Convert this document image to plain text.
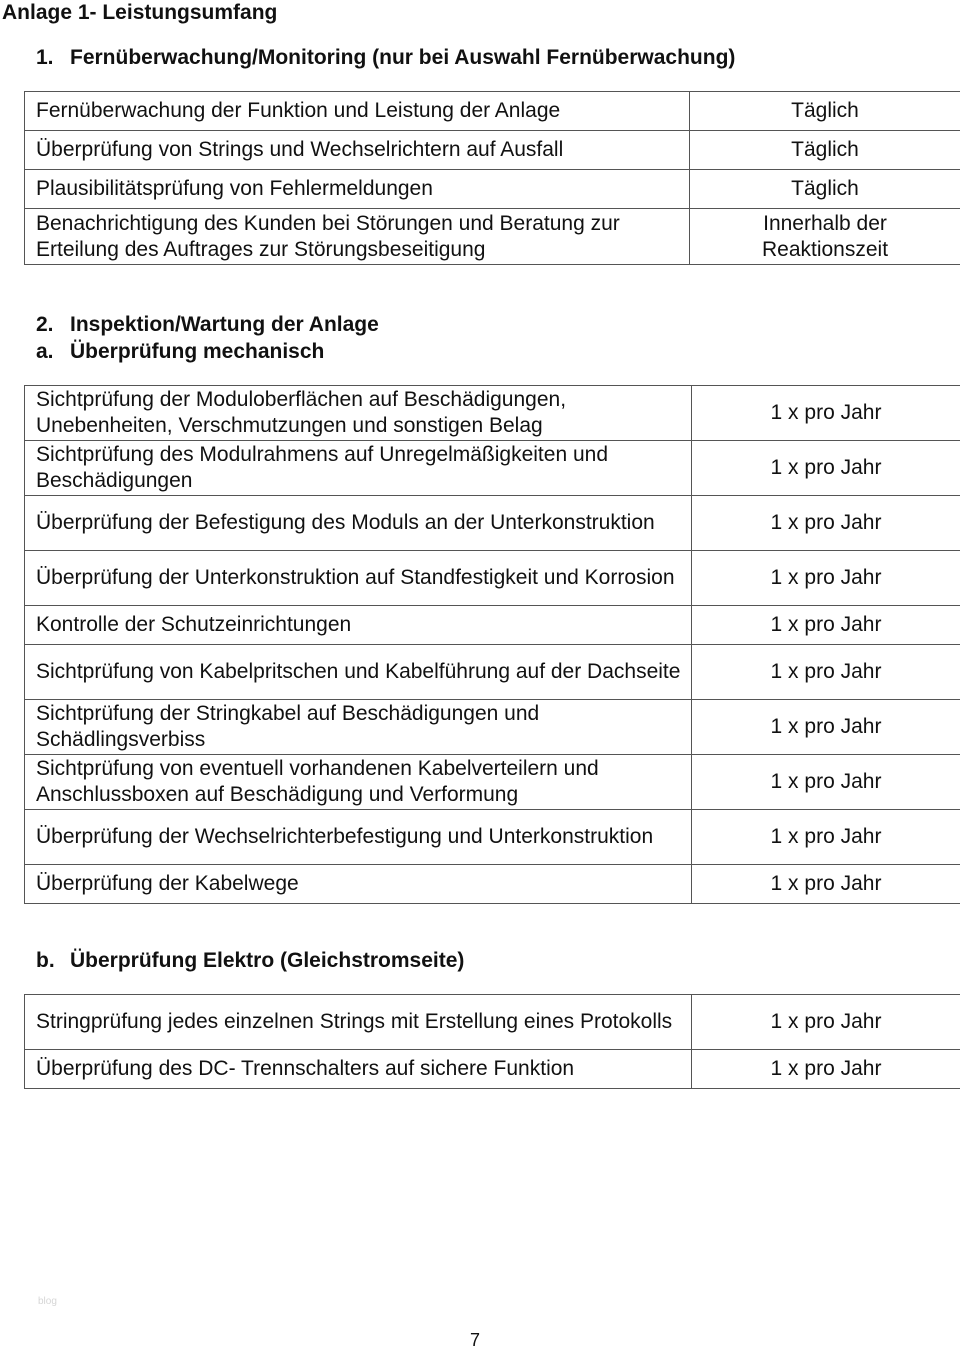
Anlage 1- Leistungsumfang
1. Fernüberwachung/Monitoring (nur bei Auswahl Fernüberwachung)
Fernüberwachung der Funktion und Leistung der Anlage	Täglich
Überprüfung von Strings und Wechselrichtern auf Ausfall	Täglich
Plausibilitätsprüfung von Fehlermeldungen	Täglich
Benachrichtigung des Kunden bei Störungen und Beratung zur Erteilung des Auftrages zur Störungsbeseitigung	Innerhalb der Reaktionszeit
2. Inspektion/Wartung der Anlage
a. Überprüfung mechanisch
Sichtprüfung der Moduloberflächen auf Beschädigungen, Unebenheiten, Verschmutzungen und sonstigen Belag	1 x pro Jahr
Sichtprüfung des Modulrahmens auf Unregelmäßigkeiten und Beschädigungen	1 x pro Jahr
Überprüfung der Befestigung des Moduls an der Unterkonstruktion	1 x pro Jahr
Überprüfung der Unterkonstruktion auf Standfestigkeit und Korrosion	1 x pro Jahr
Kontrolle der Schutzeinrichtungen	1 x pro Jahr
Sichtprüfung von Kabelpritschen und Kabelführung auf der Dachseite	1 x pro Jahr
Sichtprüfung der Stringkabel auf Beschädigungen und Schädlingsverbiss	1 x pro Jahr
Sichtprüfung von eventuell vorhandenen Kabelverteilern und Anschlussboxen auf Beschädigung und Verformung	1 x pro Jahr
Überprüfung der Wechselrichterbefestigung und Unterkonstruktion	1 x pro Jahr
Überprüfung der Kabelwege	1 x pro Jahr
b. Überprüfung Elektro (Gleichstromseite)
Stringprüfung jedes einzelnen Strings mit Erstellung eines Protokolls	1 x pro Jahr
Überprüfung des DC- Trennschalters auf sichere Funktion	1 x pro Jahr
blog
7
